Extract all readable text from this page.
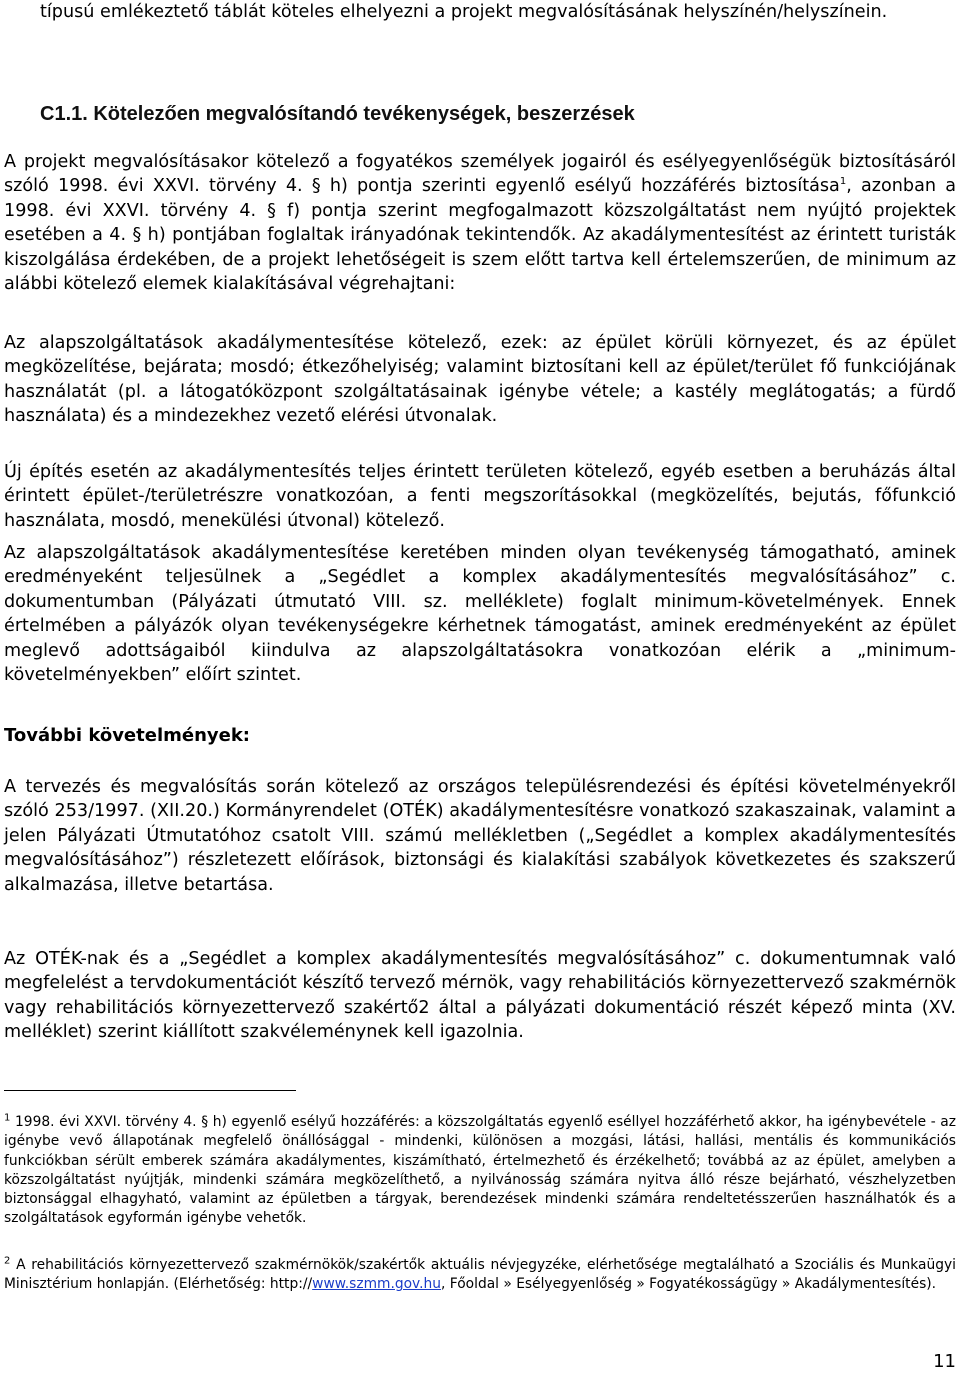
típusú emlékeztető táblát köteles elhelyezni a projekt megvalósításának helyszínén/helyszínein.

C1.1. Kötelezően megvalósítandó tevékenységek, beszerzések

A projekt megvalósításakor kötelező a fogyatékos személyek jogairól és esélyegyenlőségük biztosításáról szóló 1998. évi XXVI. törvény 4. § h) pontja szerinti egyenlő esélyű hozzáférés biztosítása$^1$, azonban a 1998. évi XXVI. törvény 4. § f) pontja szerint megfogalmazott közszolgáltatást nem nyújtó projektek esetében a 4. § h) pontjában foglaltak irányadónak tekintendők. Az akadálymentesítést az érintett turisták kiszolgálása érdekében, de a projekt lehetőségeit is szem előtt tartva kell értelemszerűen, de minimum az alábbi kötelező elemek kialakításával végrehajtani:

Az alapszolgáltatások akadálymentesítése kötelező, ezek: az épület körüli környezet, és az épület megközelítése, bejárata; mosdó; étkezőhelyiség; valamint biztosítani kell az épület/terület fő funkciójának használatát (pl. a látogatóközpont szolgáltatásainak igénybe vétele; a kastély meglátogatás; a fürdő használata) és a mindezekhez vezető elérési útvonalak.

Új építés esetén az akadálymentesítés teljes érintett területen kötelező, egyéb esetben a beruházás által érintett épület-/területrészre vonatkozóan, a fenti megszorításokkal (megközelítés, bejutás, főfunkció használata, mosdó, menekülési útvonal) kötelező.

Az alapszolgáltatások akadálymentesítése keretében minden olyan tevékenység támogatható, aminek eredményeként teljesülnek a „Segédlet a komplex akadálymentesítés megvalósításához” c. dokumentumban (Pályázati útmutató VIII. sz. melléklete) foglalt minimum-követelmények. Ennek értelmében a pályázók olyan tevékenységekre kérhetnek támogatást, aminek eredményeként az épület meglevő adottságaiból kiindulva az alapszolgáltatásokra vonatkozóan elérik a „minimum-követelményekben” előírt szintet.

További követelmények:

A tervezés és megvalósítás során kötelező az országos településrendezési és építési követelményekről szóló 253/1997. (XII.20.) Kormányrendelet (OTÉK) akadálymentesítésre vonatkozó szakaszainak, valamint a jelen Pályázati Útmutatóhoz csatolt VIII. számú mellékletben („Segédlet a komplex akadálymentesítés megvalósításához”) részletezett előírások, biztonsági és kialakítási szabályok következetes és szakszerű alkalmazása, illetve betartása.

Az OTÉK-nak és a „Segédlet a komplex akadálymentesítés megvalósításához” c. dokumentumnak való megfelelést a tervdokumentációt készítő tervező mérnök, vagy rehabilitációs környezettervező szakmérnök vagy rehabilitációs környezettervező szakértő2 által a pályázati dokumentáció részét képező minta (XV. melléklet) szerint kiállított szakvéleménynek kell igazolnia.

$^1$ 1998. évi XXVI. törvény 4. § h) egyenlő esélyű hozzáférés: a közszolgáltatás egyenlő eséllyel hozzáférhető akkor, ha igénybevétele - az igénybe vevő állapotának megfelelő önállósággal - mindenki, különösen a mozgási, látási, hallási, mentális és kommunikációs funkciókban sérült emberek számára akadálymentes, kiszámítható, értelmezhető és érzékelhető; továbbá az az épület, amelyben a közszolgáltatást nyújtják, mindenki számára megközelíthető, a nyilvánosság számára nyitva álló része bejárható, vészhelyzetben biztonsággal elhagyható, valamint az épületben a tárgyak, berendezések mindenki számára rendeltetésszerűen használhatók és a szolgáltatások egyformán igénybe vehetők.

$^2$ A rehabilitációs környezettervező szakmérnökök/szakértők aktuális névjegyzéke, elérhetősége megtalálható a Szociális és Munkaügyi Minisztérium honlapján. (Elérhetőség: http://www.szmm.gov.hu, Főoldal » Esélyegyenlőség » Fogyatékosságügy » Akadálymentesítés).

11
